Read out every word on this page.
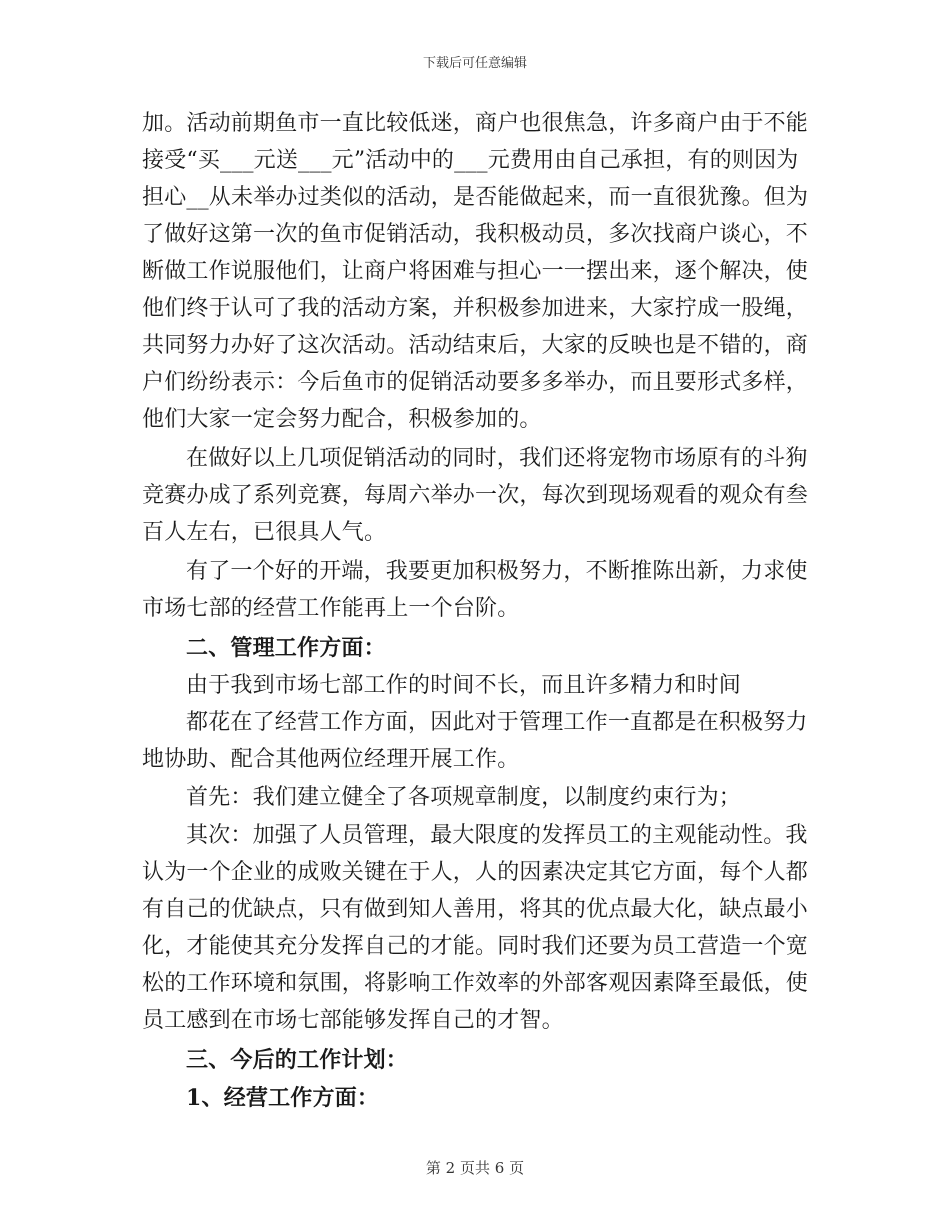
下载后可任意编辑
加。活动前期鱼市一直比较低迷，商户也很焦急，许多商户由于不能
接受“买___元送___元”活动中的___元费用由自己承担，有的则因为
担心__从未举办过类似的活动，是否能做起来，而一直很犹豫。但为
了做好这第一次的鱼市促销活动，我积极动员，多次找商户谈心，不
断做工作说服他们，让商户将困难与担心一一摆出来，逐个解决，使
他们终于认可了我的活动方案，并积极参加进来，大家拧成一股绳，
共同努力办好了这次活动。活动结束后，大家的反映也是不错的，商
户们纷纷表示：今后鱼市的促销活动要多多举办，而且要形式多样，
他们大家一定会努力配合，积极参加的。
在做好以上几项促销活动的同时，我们还将宠物市场原有的斗狗
竞赛办成了系列竞赛，每周六举办一次，每次到现场观看的观众有叁
百人左右，已很具人气。
有了一个好的开端，我要更加积极努力，不断推陈出新，力求使
市场七部的经营工作能再上一个台阶。
二、管理工作方面：
由于我到市场七部工作的时间不长，而且许多精力和时间
都花在了经营工作方面，因此对于管理工作一直都是在积极努力
地协助、配合其他两位经理开展工作。
首先：我们建立健全了各项规章制度，以制度约束行为；
其次：加强了人员管理，最大限度的发挥员工的主观能动性。我
认为一个企业的成败关键在于人，人的因素决定其它方面，每个人都
有自己的优缺点，只有做到知人善用，将其的优点最大化，缺点最小
化，才能使其充分发挥自己的才能。同时我们还要为员工营造一个宽
松的工作环境和氛围，将影响工作效率的外部客观因素降至最低，使
员工感到在市场七部能够发挥自己的才智。
三、今后的工作计划：
1、经营工作方面：
第 2 页共 6 页
